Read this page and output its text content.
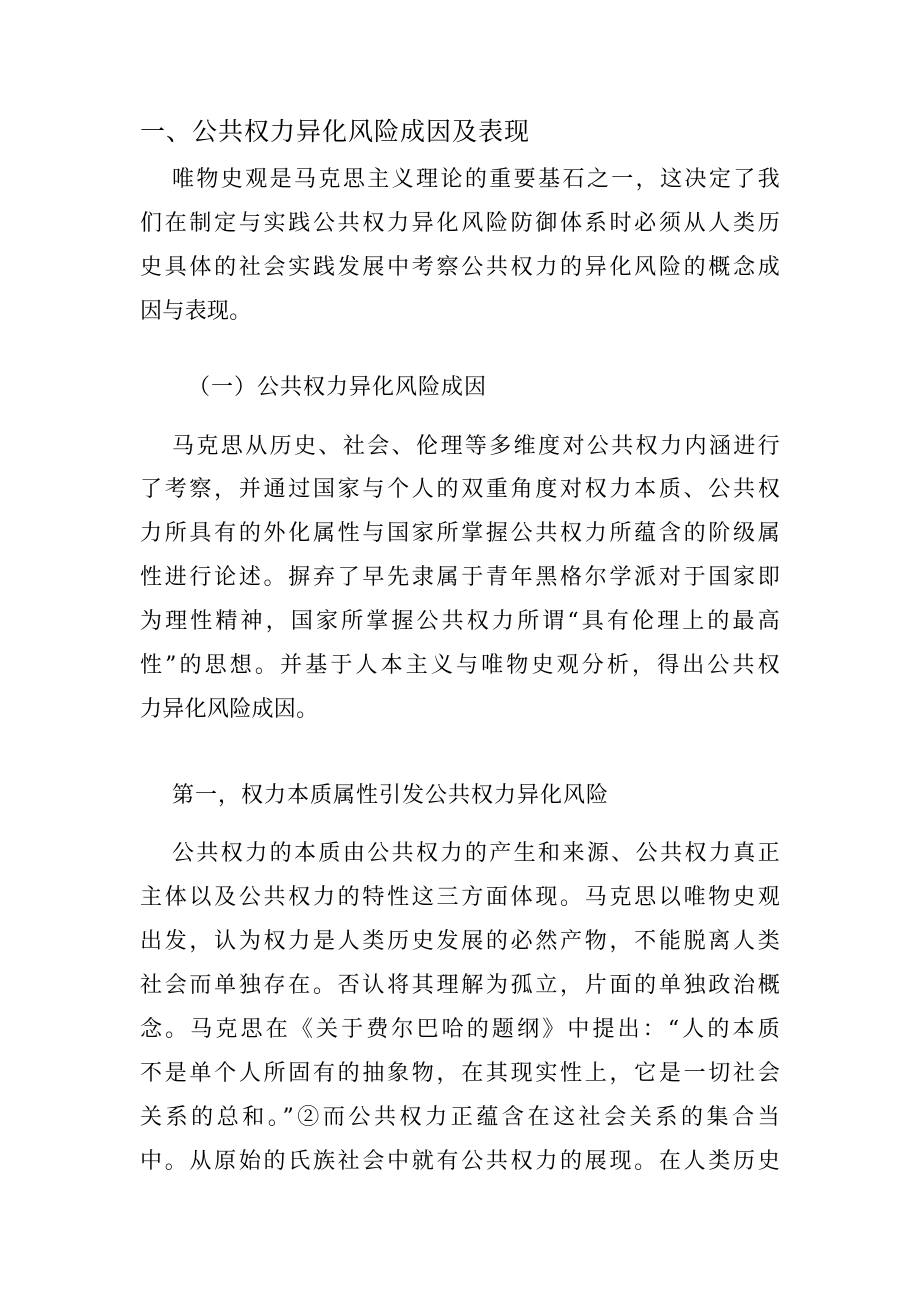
一、公共权力异化风险成因及表现
唯物史观是马克思主义理论的重要基石之一，这决定了我
们在制定与实践公共权力异化风险防御体系时必须从人类历
史具体的社会实践发展中考察公共权力的异化风险的概念成
因与表现。
（一）公共权力异化风险成因
马克思从历史、社会、伦理等多维度对公共权力内涵进行
了考察，并通过国家与个人的双重角度对权力本质、公共权
力所具有的外化属性与国家所掌握公共权力所蕴含的阶级属
性进行论述。摒弃了早先隶属于青年黑格尔学派对于国家即
为理性精神，国家所掌握公共权力所谓“具有伦理上的最高
性”的思想。并基于人本主义与唯物史观分析，得出公共权
力异化风险成因。
第一，权力本质属性引发公共权力异化风险
公共权力的本质由公共权力的产生和来源、公共权力真正
主体以及公共权力的特性这三方面体现。马克思以唯物史观
出发，认为权力是人类历史发展的必然产物，不能脱离人类
社会而单独存在。否认将其理解为孤立，片面的单独政治概
念。马克思在《关于费尔巴哈的题纲》中提出：“人的本质
不是单个人所固有的抽象物，在其现实性上，它是一切社会
关系的总和。”②而公共权力正蕴含在这社会关系的集合当
中。从原始的氏族社会中就有公共权力的展现。在人类历史
